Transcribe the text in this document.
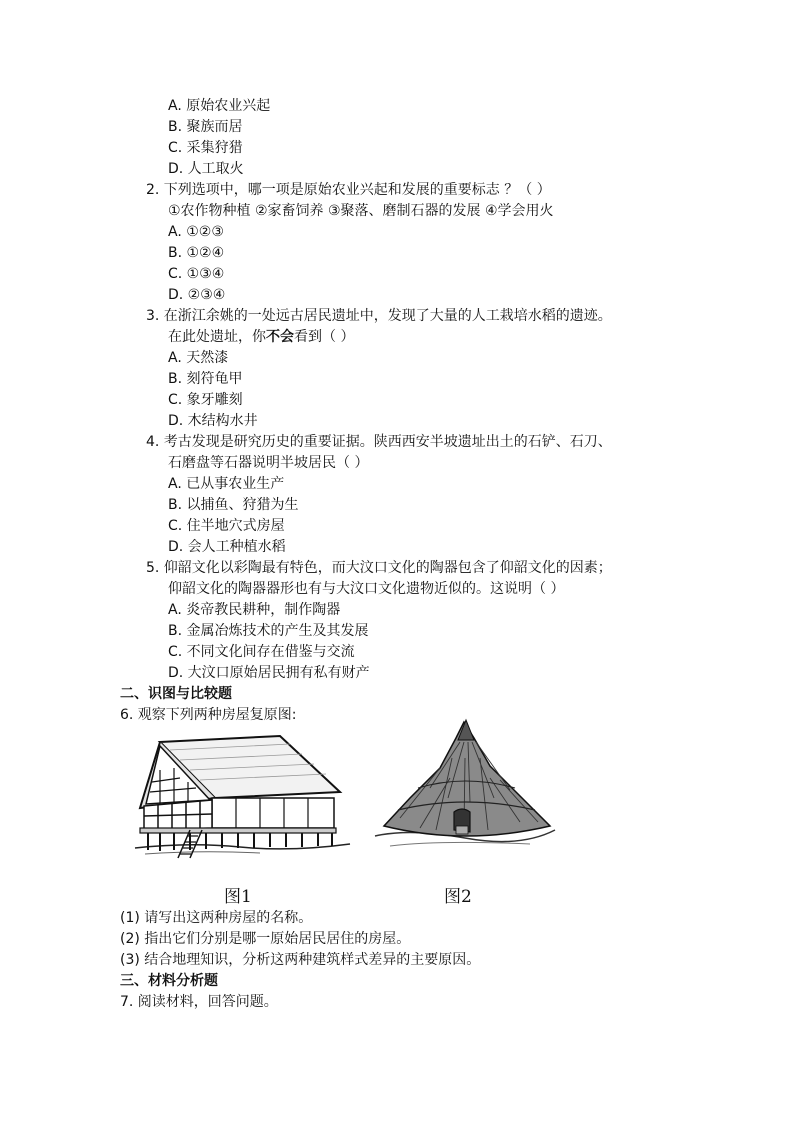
A. 原始农业兴起
B. 聚族而居
C. 采集狩猎
D. 人工取火
2. 下列选项中，哪一项是原始农业兴起和发展的重要标志 ？（ ）
①农作物种植 ②家畜饲养 ③聚落、磨制石器的发展 ④学会用火
A. ①②③
B. ①②④
C. ①③④
D. ②③④
3. 在浙江余姚的一处远古居民遗址中，发现了大量的人工栽培水稻的遗迹。
在此处遗址，你不会看到（ ）
A. 天然漆
B. 刻符龟甲
C. 象牙雕刻
D. 木结构水井
4. 考古发现是研究历史的重要证据。陕西西安半坡遗址出土的石铲、石刀、
石磨盘等石器说明半坡居民（ ）
A. 已从事农业生产
B. 以捕鱼、狩猎为生
C. 住半地穴式房屋
D. 会人工种植水稻
5. 仰韶文化以彩陶最有特色，而大汶口文化的陶器包含了仰韶文化的因素；
仰韶文化的陶器器形也有与大汶口文化遗物近似的。这说明（ ）
A. 炎帝教民耕种，制作陶器
B. 金属冶炼技术的产生及其发展
C. 不同文化间存在借鉴与交流
D. 大汶口原始居民拥有私有财产
二、识图与比较题
6. 观察下列两种房屋复原图:
图1	图2
(1) 请写出这两种房屋的名称。
(2) 指出它们分别是哪一原始居民居住的房屋。
(3) 结合地理知识，分析这两种建筑样式差异的主要原因。
三、材料分析题
7. 阅读材料，回答问题。
